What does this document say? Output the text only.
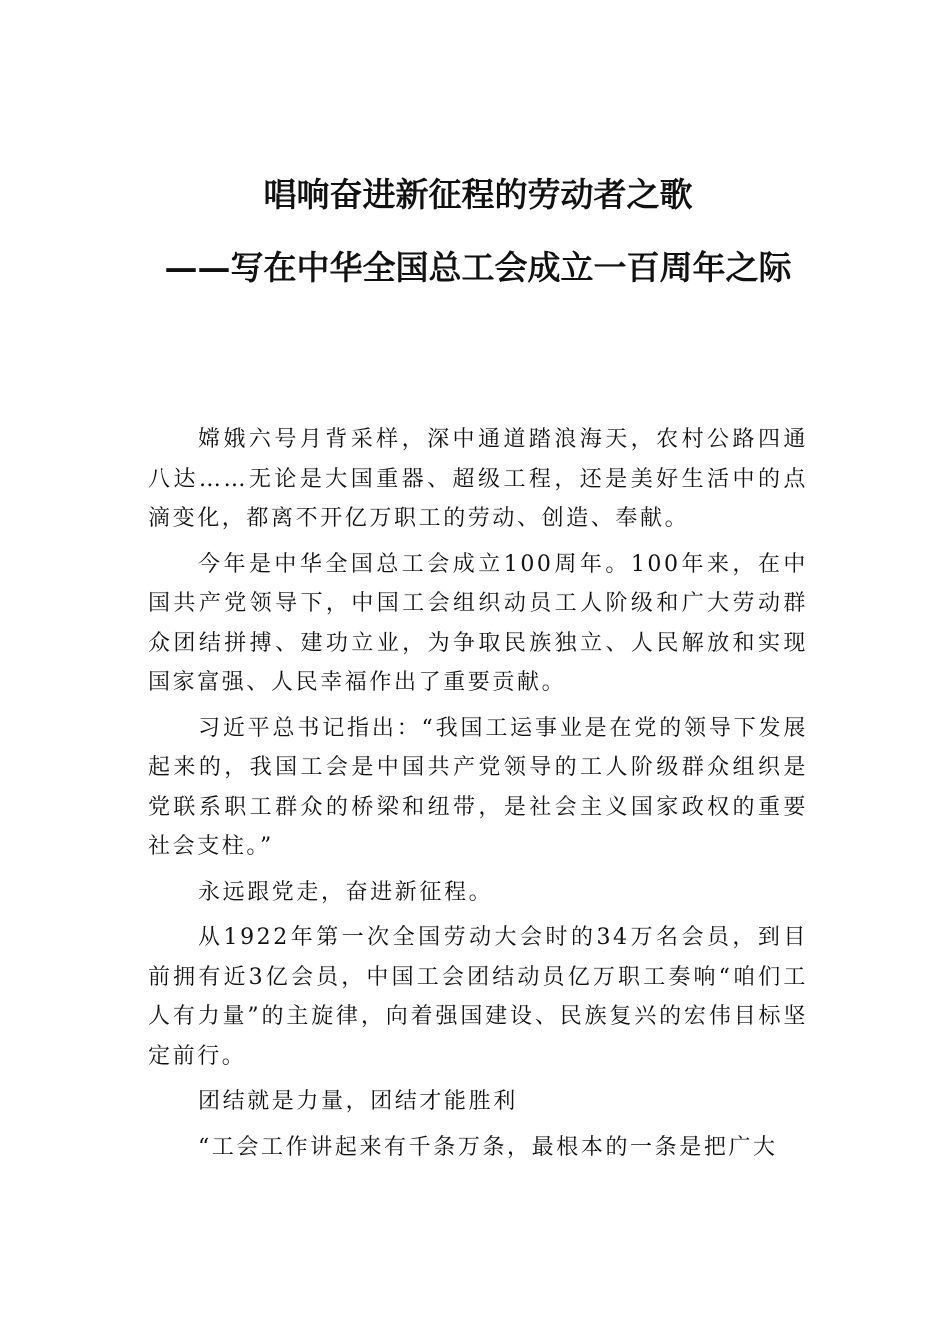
唱响奋进新征程的劳动者之歌
——写在中华全国总工会成立一百周年之际

嫦娥六号月背采样，深中通道踏浪海天，农村公路四通八达……无论是大国重器、超级工程，还是美好生活中的点滴变化，都离不开亿万职工的劳动、创造、奉献。

今年是中华全国总工会成立100周年。100年来，在中国共产党领导下，中国工会组织动员工人阶级和广大劳动群众团结拼搏、建功立业，为争取民族独立、人民解放和实现国家富强、人民幸福作出了重要贡献。

习近平总书记指出：“我国工运事业是在党的领导下发展起来的，我国工会是中国共产党领导的工人阶级群众组织是党联系职工群众的桥梁和纽带，是社会主义国家政权的重要社会支柱。”

永远跟党走，奋进新征程。

从1922年第一次全国劳动大会时的34万名会员，到目前拥有近3亿会员，中国工会团结动员亿万职工奏响“咱们工人有力量”的主旋律，向着强国建设、民族复兴的宏伟目标坚定前行。

团结就是力量，团结才能胜利

“工会工作讲起来有千条万条，最根本的一条是把广大
